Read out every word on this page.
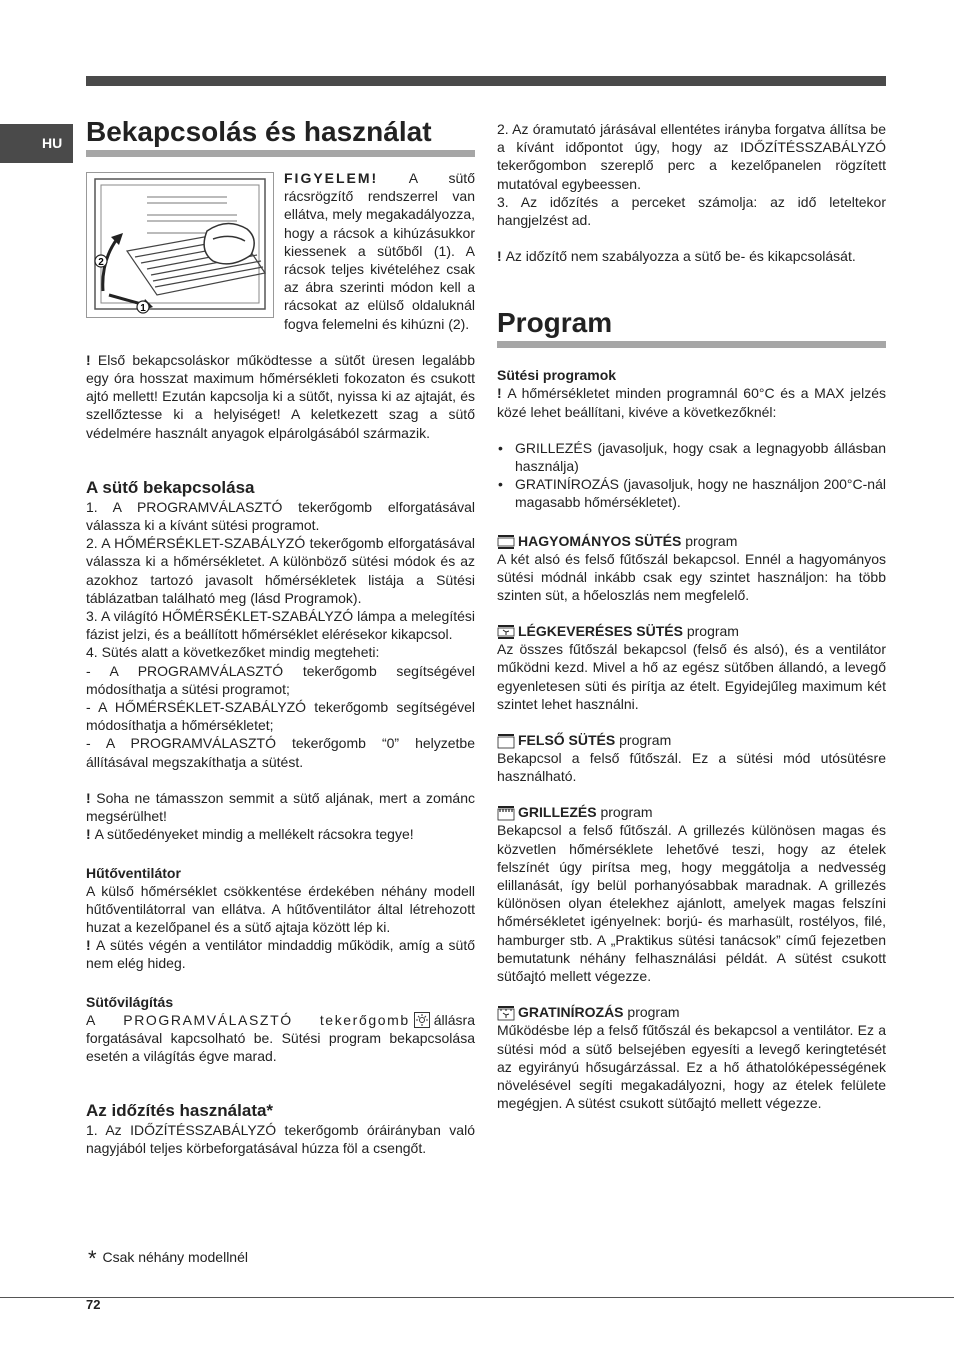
HU Bekapcsolás és használat
2
1

FIGYELEM! A sütő rácsrögzítő rendszerrel van ellátva, mely megakadályozza, hogy a rácsok a kihúzásukkor kiessenek a sütőből (1). A rácsok teljes kivételéhez csak az ábra szerinti módon kell a rácsokat az elülső oldaluknál fogva felemelni és kihúzni (2).

! Első bekapcsoláskor működtesse a sütőt üresen legalább egy óra hosszat maximum hőmérsékleti fokozaton és csukott ajtó mellett! Ezután kapcsolja ki a sütőt, nyissa ki az ajtaját, és szellőztesse ki a helyiséget! A keletkezett szag a sütő védelmére használt anyagok elpárolgásából származik.

A sütő bekapcsolása

1. A PROGRAMVÁLASZTÓ tekerőgomb elforgatásával válassza ki a kívánt sütési programot.

2. A HŐMÉRSÉKLET-SZABÁLYZÓ tekerőgomb elforgatásával válassza ki a hőmérsékletet. A különböző sütési módok és az azokhoz tartozó javasolt hőmérsékletek listája a Sütési táblázatban található meg (lásd Programok).

3. A világító HŐMÉRSÉKLET-SZABÁLYZÓ lámpa a melegítési fázist jelzi, és a beállított hőmérséklet elérésekor kikapcsol.

4. Sütés alatt a következőket mindig megteheti:

- A PROGRAMVÁLASZTÓ tekerőgomb segítségével módosíthatja a sütési programot;

- A HŐMÉRSÉKLET-SZABÁLYZÓ tekerőgomb segítségével módosíthatja a hőmérsékletet;

- A PROGRAMVÁLASZTÓ tekerőgomb “0” helyzetbe állításával megszakíthatja a sütést.

! Soha ne támasszon semmit a sütő aljának, mert a zománc megsérülhet!

! A sütőedényeket mindig a mellékelt rácsokra tegye!

Hűtőventilátor

A külső hőmérséklet csökkentése érdekében néhány modell hűtőventilátorral van ellátva. A hűtőventilátor által létrehozott huzat a kezelőpanel és a sütő ajtaja között lép ki.

! A sütés végén a ventilátor mindaddig működik, amíg a sütő nem elég hideg.

Sütővilágítás

A PROGRAMVÁLASZTÓ tekerőgomb állásra forgatásával kapcsolható be. Sütési program bekapcsolása esetén a világítás égve marad.

Az időzítés használata*

1. Az IDŐZÍTÉSSZABÁLYZÓ tekerőgomb óráirányban való nagyjából teljes körbeforgatásával húzza föl a csengőt.

2. Az óramutató járásával ellentétes irányba forgatva állítsa be a kívánt időpontot úgy, hogy az IDŐZÍTÉSSZABÁLYZÓ tekerőgombon szereplő perc a kezelőpanelen rögzített mutatóval egybeessen.

3. Az időzítés a perceket számolja: az idő leteltekor hangjelzést ad.

! Az időzítő nem szabályozza a sütő be- és kikapcsolását.

Program
Sütési programok

! A hőmérsékletet minden programnál 60°C és a MAX jelzés közé lehet beállítani, kivéve a következőknél:

• GRILLEZÉS (javasoljuk, hogy csak a legnagyobb állásban használja)
• GRATINÍROZÁS (javasoljuk, hogy ne használjon 200°C-nál magasabb hőmérsékletet).
HAGYOMÁNYOS SÜTÉS program

A két alsó és felső fűtőszál bekapcsol. Ennél a hagyományos sütési módnál inkább csak egy szintet használjon: ha több szinten süt, a hőeloszlás nem megfelelő.

LÉGKEVERÉSES SÜTÉS program

Az összes fűtőszál bekapcsol (felső és alsó), és a ventilátor működni kezd. Mivel a hő az egész sütőben állandó, a levegő egyenletesen süti és pirítja az ételt. Egyidejűleg maximum két szintet lehet használni.

FELSŐ SÜTÉS program

Bekapcsol a felső fűtőszál. Ez a sütési mód utósütésre használható.

GRILLEZÉS program

Bekapcsol a felső fűtőszál. A grillezés különösen magas és közvetlen hőmérséklete lehetővé teszi, hogy az ételek felszínét úgy pirítsa meg, hogy meggátolja a nedvesség elillanását, így belül porhanyósabbak maradnak. A grillezés különösen olyan ételekhez ajánlott, amelyek magas felszíni hőmérsékletet igényelnek: borjú- és marhasült, rostélyos, filé, hamburger stb. A „Praktikus sütési tanácsok” című fejezetben bemutatunk néhány felhasználási példát. A sütést csukott sütőajtó mellett végezze.

GRATINÍROZÁS program

Működésbe lép a felső fűtőszál és bekapcsol a ventilátor. Ez a sütési mód a sütő belsejében egyesíti a levegő keringtetését az egyirányú hősugárzással. Ez a hő áthatolóképességének növelésével segíti megakadályozni, hogy az ételek felülete megégjen. A sütést csukott sütőajtó mellett végezze.

* Csak néhány modellnél
72
